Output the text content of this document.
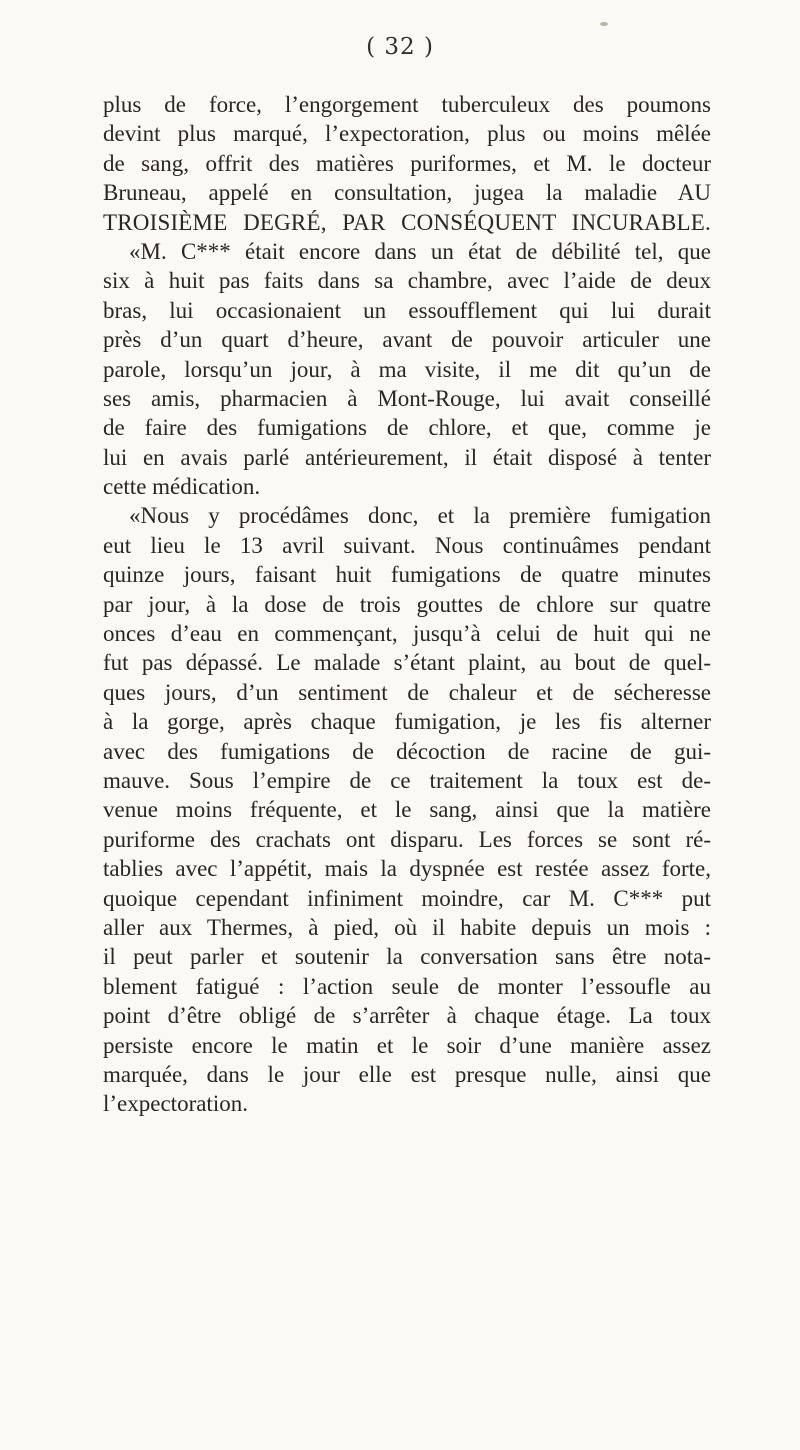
( 32 )
plus de force, l’engorgement tuberculeux des poumons
devint plus marqué, l’expectoration, plus ou moins mêlée
de sang, offrit des matières puriformes, et M. le docteur
Bruneau, appelé en consultation, jugea la maladie AU
TROISIÈME DEGRÉ, PAR CONSÉQUENT INCURABLE.
«M. C*** était encore dans un état de débilité tel, que
six à huit pas faits dans sa chambre, avec l’aide de deux
bras, lui occasionaient un essoufflement qui lui durait
près d’un quart d’heure, avant de pouvoir articuler une
parole, lorsqu’un jour, à ma visite, il me dit qu’un de
ses amis, pharmacien à Mont-Rouge, lui avait conseillé
de faire des fumigations de chlore, et que, comme je
lui en avais parlé antérieurement, il était disposé à tenter
cette médication.
«Nous y procédâmes donc, et la première fumigation
eut lieu le 13 avril suivant. Nous continuâmes pendant
quinze jours, faisant huit fumigations de quatre minutes
par jour, à la dose de trois gouttes de chlore sur quatre
onces d’eau en commençant, jusqu’à celui de huit qui ne
fut pas dépassé. Le malade s’étant plaint, au bout de quel-
ques jours, d’un sentiment de chaleur et de sécheresse
à la gorge, après chaque fumigation, je les fis alterner
avec des fumigations de décoction de racine de gui-
mauve. Sous l’empire de ce traitement la toux est de-
venue moins fréquente, et le sang, ainsi que la matière
puriforme des crachats ont disparu. Les forces se sont ré-
tablies avec l’appétit, mais la dyspnée est restée assez forte,
quoique cependant infiniment moindre, car M. C*** put
aller aux Thermes, à pied, où il habite depuis un mois :
il peut parler et soutenir la conversation sans être nota-
blement fatigué : l’action seule de monter l’essoufle au
point d’être obligé de s’arrêter à chaque étage. La toux
persiste encore le matin et le soir d’une manière assez
marquée, dans le jour elle est presque nulle, ainsi que
l’expectoration.
